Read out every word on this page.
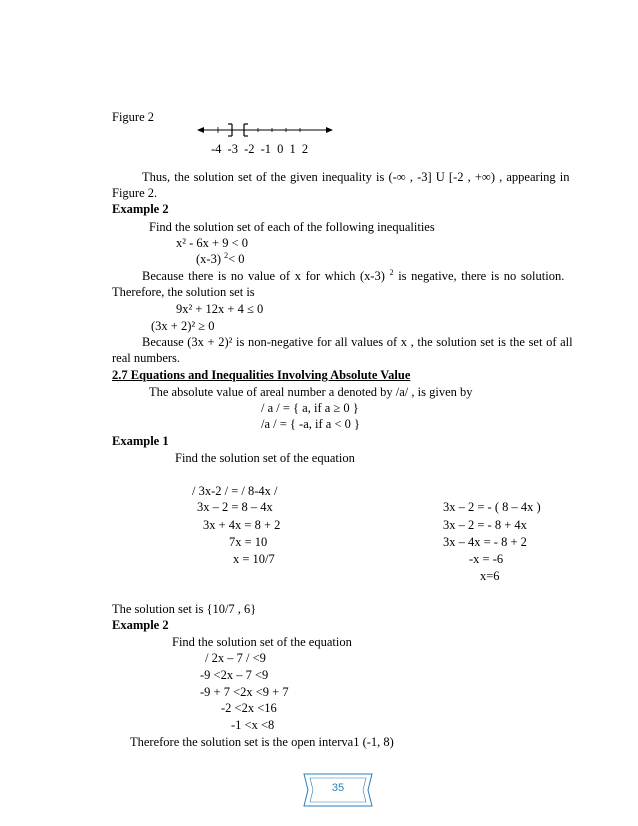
Figure 2
-4 -3 -2 -1 0 1 2
Thus, the solution set of the given inequality is (-∞ , -3] U [-2 , +∞) , appearing in
Figure 2.
Example 2
Find the solution set of each of the following inequalities
x² - 6x + 9 < 0
(x-3) $^2$< 0
Because there is no value of x for which (x-3) $^2$ is negative, there is no solution.
Therefore, the solution set is
9x² + 12x + 4 ≤ 0
(3x + 2)² ≥ 0
Because (3x + 2)² is non-negative for all values of x , the solution set is the set of all
real numbers.
2.7 Equations and Inequalities Involving Absolute Value
The absolute value of areal number a denoted by /a/ , is given by
/ a / = { a, if a ≥ 0 }
/a / = { -a, if a < 0 }
Example 1
Find the solution set of the equation
/ 3x-2 / = / 8-4x /
3x – 2 = 8 – 4x
3x + 4x = 8 + 2
7x = 10
x = 10/7
3x – 2 = - ( 8 – 4x )
3x – 2 = - 8 + 4x
3x – 4x = - 8 + 2
-x = -6
x=6
The solution set is {10/7 , 6}
Example 2
Find the solution set of the equation
/ 2x – 7 / <9
-9 <2x – 7 <9
-9 + 7 <2x <9 + 7
-2 <2x <16
-1 <x <8
Therefore the solution set is the open interva1 (-1, 8)
35
